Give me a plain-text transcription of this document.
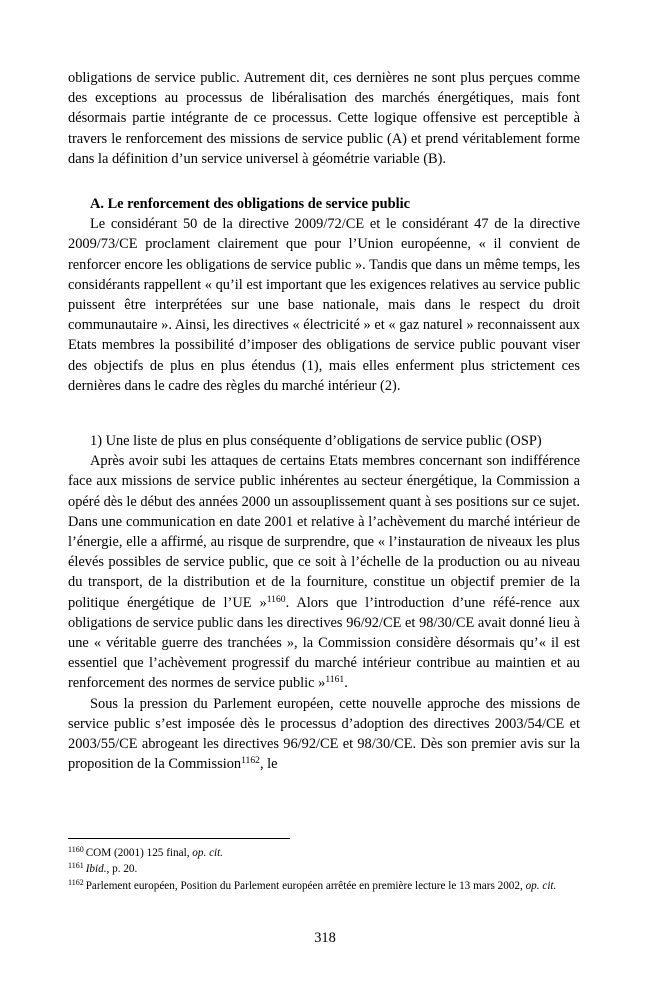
obligations de service public. Autrement dit, ces dernières ne sont plus perçues comme des exceptions au processus de libéralisation des marchés énergétiques, mais font désormais partie intégrante de ce processus. Cette logique offensive est perceptible à travers le renforcement des missions de service public (A) et prend véritablement forme dans la définition d’un service universel à géométrie variable (B).

A. Le renforcement des obligations de service public

Le considérant 50 de la directive 2009/72/CE et le considérant 47 de la directive 2009/73/CE proclament clairement que pour l’Union européenne, « il convient de renforcer encore les obligations de service public ». Tandis que dans un même temps, les considérants rappellent « qu’il est important que les exigences relatives au service public puissent être interprétées sur une base nationale, mais dans le respect du droit communautaire ». Ainsi, les directives « électricité » et « gaz naturel » reconnaissent aux Etats membres la possibilité d’imposer des obligations de service public pouvant viser des objectifs de plus en plus étendus (1), mais elles enferment plus strictement ces dernières dans le cadre des règles du marché intérieur (2).

1) Une liste de plus en plus conséquente d’obligations de service public (OSP)

Après avoir subi les attaques de certains Etats membres concernant son indifférence face aux missions de service public inhérentes au secteur énergétique, la Commission a opéré dès le début des années 2000 un assouplissement quant à ses positions sur ce sujet. Dans une communication en date 2001 et relative à l’achèvement du marché intérieur de l’énergie, elle a affirmé, au risque de surprendre, que « l’instauration de niveaux les plus élevés possibles de service public, que ce soit à l’échelle de la production ou au niveau du transport, de la distribution et de la fourniture, constitue un objectif premier de la politique énergétique de l’UE »$^{1160}$. Alors que l’introduction d’une réfé-rence aux obligations de service public dans les directives 96/92/CE et 98/30/CE avait donné lieu à une « véritable guerre des tranchées », la Commission considère désormais qu’« il est essentiel que l’achèvement progressif du marché intérieur contribue au maintien et au renforcement des normes de service public »$^{1161}$.

Sous la pression du Parlement européen, cette nouvelle approche des missions de service public s’est imposée dès le processus d’adoption des directives 2003/54/CE et 2003/55/CE abrogeant les directives 96/92/CE et 98/30/CE. Dès son premier avis sur la proposition de la Commission$^{1162}$, le

$^{1160}$ COM (2001) 125 final, op. cit.

$^{1161}$ Ibid., p. 20.

$^{1162}$ Parlement européen, Position du Parlement européen arrêtée en première lecture le 13 mars 2002, op. cit.

318
